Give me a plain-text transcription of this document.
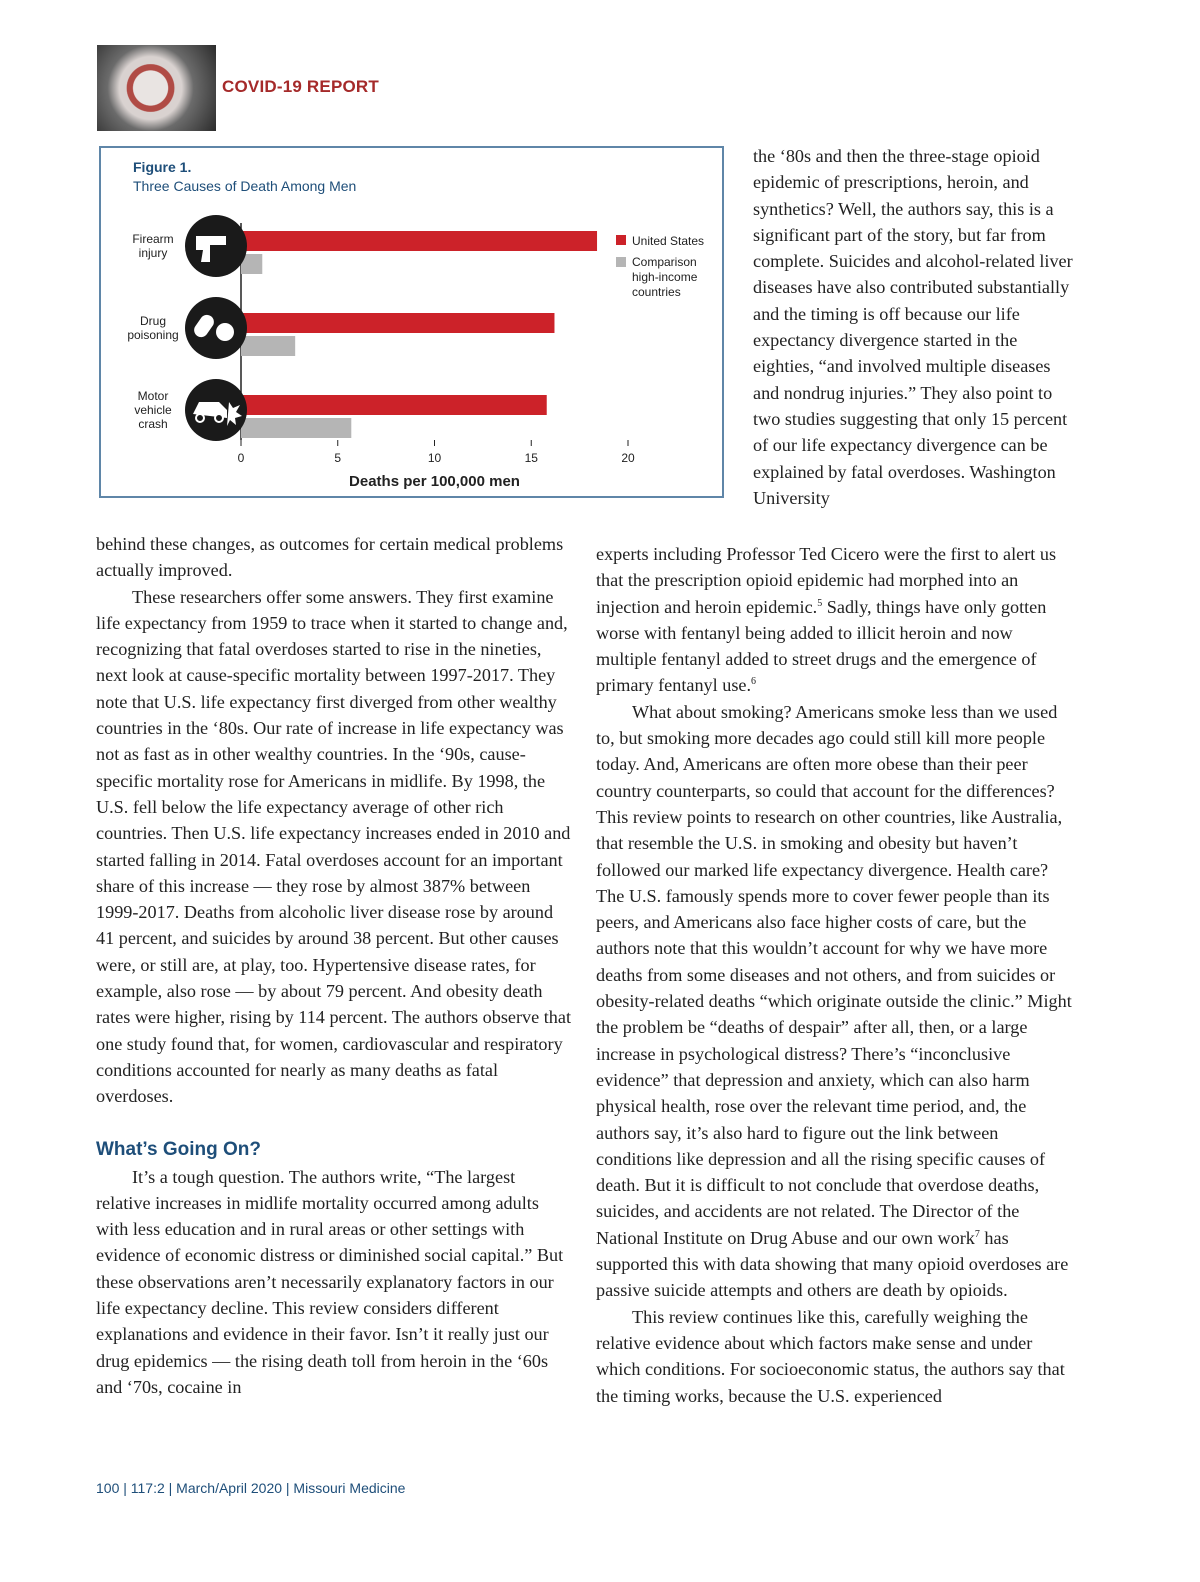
COVID-19 REPORT
Figure 1.
Three Causes of Death Among Men
Firearm
injury
Drug
poisoning
Motor
vehicle
crash
0	5	10	15	20
Deaths per 100,000 men
United States
Comparison
high-income
countries

the ‘80s and then the three-stage opioid epidemic of prescriptions, heroin, and synthetics? Well, the authors say, this is a significant part of the story, but far from complete. Suicides and alcohol-related liver diseases have also contributed substantially and the timing is off because our life expectancy divergence started in the eighties, “and involved multiple diseases and nondrug injuries.” They also point to two studies suggesting that only 15 percent of our life expectancy divergence can be explained by fatal overdoses. Washington University

behind these changes, as outcomes for certain medical problems actually improved.

These researchers offer some answers. They first examine life expectancy from 1959 to trace when it started to change and, recognizing that fatal overdoses started to rise in the nineties, next look at cause-specific mortality between 1997-2017. They note that U.S. life expectancy first diverged from other wealthy countries in the ‘80s. Our rate of increase in life expectancy was not as fast as in other wealthy countries. In the ‘90s, cause-specific mortality rose for Americans in midlife. By 1998, the U.S. fell below the life expectancy average of other rich countries. Then U.S. life expectancy increases ended in 2010 and started falling in 2014. Fatal overdoses account for an important share of this increase — they rose by almost 387% between 1999-2017. Deaths from alcoholic liver disease rose by around 41 percent, and suicides by around 38 percent. But other causes were, or still are, at play, too. Hypertensive disease rates, for example, also rose — by about 79 percent. And obesity death rates were higher, rising by 114 percent. The authors observe that one study found that, for women, cardiovascular and respiratory conditions accounted for nearly as many deaths as fatal overdoses.

What’s Going On?

It’s a tough question. The authors write, “The largest relative increases in midlife mortality occurred among adults with less education and in rural areas or other settings with evidence of economic distress or diminished social capital.” But these observations aren’t necessarily explanatory factors in our life expectancy decline. This review considers different explanations and evidence in their favor. Isn’t it really just our drug epidemics — the rising death toll from heroin in the ‘60s and ‘70s, cocaine in

experts including Professor Ted Cicero were the first to alert us that the prescription opioid epidemic had morphed into an injection and heroin epidemic.$^5$ Sadly, things have only gotten worse with fentanyl being added to illicit heroin and now multiple fentanyl added to street drugs and the emergence of primary fentanyl use.$^6$

What about smoking? Americans smoke less than we used to, but smoking more decades ago could still kill more people today. And, Americans are often more obese than their peer country counterparts, so could that account for the differences? This review points to research on other countries, like Australia, that resemble the U.S. in smoking and obesity but haven’t followed our marked life expectancy divergence. Health care? The U.S. famously spends more to cover fewer people than its peers, and Americans also face higher costs of care, but the authors note that this wouldn’t account for why we have more deaths from some diseases and not others, and from suicides or obesity-related deaths “which originate outside the clinic.” Might the problem be “deaths of despair” after all, then, or a large increase in psychological distress? There’s “inconclusive evidence” that depression and anxiety, which can also harm physical health, rose over the relevant time period, and, the authors say, it’s also hard to figure out the link between conditions like depression and all the rising specific causes of death. But it is difficult to not conclude that overdose deaths, suicides, and accidents are not related. The Director of the National Institute on Drug Abuse and our own work$^7$ has supported this with data showing that many opioid overdoses are passive suicide attempts and others are death by opioids.

This review continues like this, carefully weighing the relative evidence about which factors make sense and under which conditions. For socioeconomic status, the authors say that the timing works, because the U.S. experienced

100 | 117:2 | March/April 2020 | Missouri Medicine
